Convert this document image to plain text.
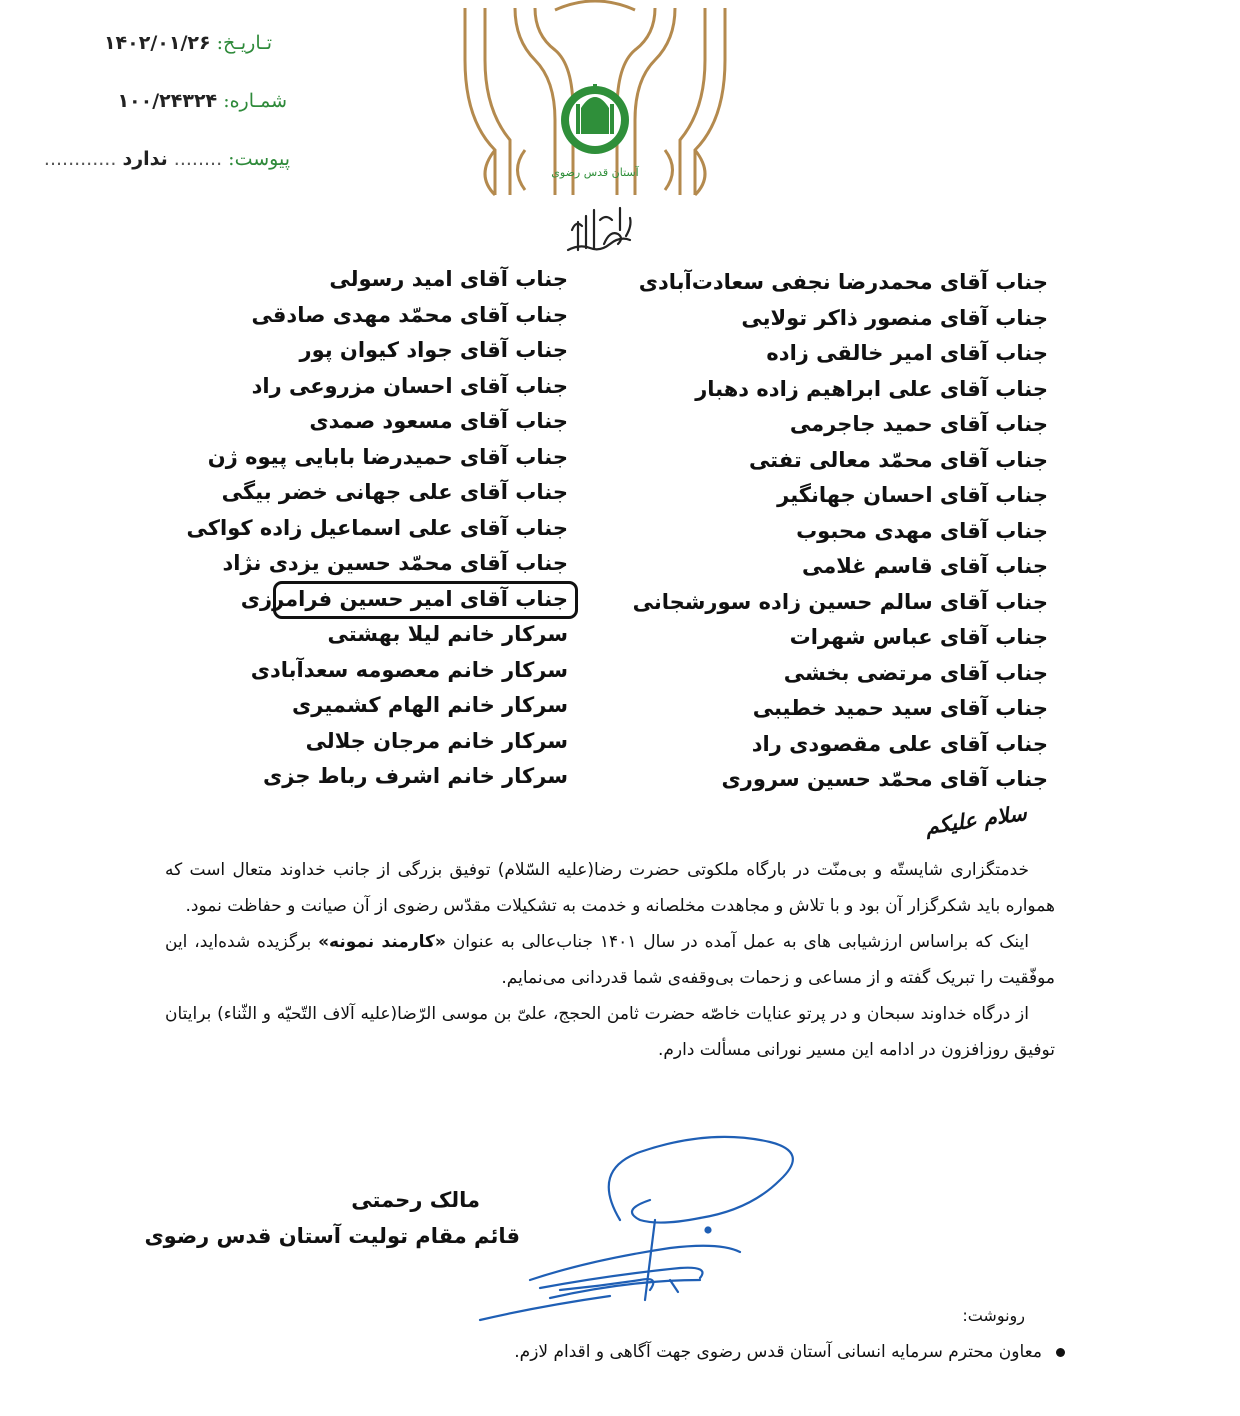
تـاریـخ: ۱۴۰۲/۰۱/۲۶
شمـاره: ۱۰۰/۲۴۳۲۴
پیوست: ........ ندارد ............
آستان قدس رضوی
جناب آقای محمدرضا نجفی سعادت‌آبادی
جناب آقای منصور ذاکر تولایی
جناب آقای امیر خالقی زاده
جناب آقای علی ابراهیم زاده دهبار
جناب آقای حمید جاجرمی
جناب آقای محمّد معالی تفتی
جناب آقای احسان جهانگیر
جناب آقای مهدی محبوب
جناب آقای قاسم غلامی
جناب آقای سالم حسین زاده سورشجانی
جناب آقای عباس شهرات
جناب آقای مرتضی بخشی
جناب آقای سید حمید خطیبی
جناب آقای علی مقصودی راد
جناب آقای محمّد حسین سروری
جناب آقای امید رسولی
جناب آقای محمّد مهدی صادقی
جناب آقای جواد کیوان پور
جناب آقای احسان مزروعی راد
جناب آقای مسعود صمدی
جناب آقای حمیدرضا بابایی پیوه ژن
جناب آقای علی جهانی خضر بیگی
جناب آقای علی اسماعیل زاده کواکی
جناب آقای محمّد حسین یزدی نژاد
جناب آقای امیر حسین فرامرزی
سرکار خانم لیلا بهشتی
سرکار خانم معصومه سعدآبادی
سرکار خانم الهام کشمیری
سرکار خانم مرجان جلالی
سرکار خانم اشرف رباط جزی
سلام علیکم

خدمتگزاری شایستّه و بی‌منّت در بارگاه ملکوتی حضرت رضا(علیه السّلام) توفیق بزرگی از جانب خداوند متعال است که همواره باید شکرگزار آن بود و با تلاش و مجاهدت مخلصانه و خدمت به تشکیلات مقدّس رضوی از آن صیانت و حفاظت نمود.

اینک که براساس ارزشیابی های به عمل آمده در سال ۱۴۰۱ جناب‌عالی به عنوان «کارمند نمونه» برگزیده شده‌اید، این موفّقیت را تبریک گفته و از مساعی و زحمات بی‌وقفه‌ی شما قدردانی می‌نمایم.

از درگاه خداوند سبحان و در پرتو عنایات خاصّه حضرت ثامن الحجج، علیّ بن موسی الرّضا(علیه آلاف التّحیّه و الثّناء) برایتان توفیق روزافزون در ادامه این مسیر نورانی مسألت دارم.

مالک رحمتی
قائم مقام تولیت آستان قدس رضوی
رونوشت:
معاون محترم سرمایه انسانی آستان قدس رضوی جهت آگاهی و اقدام لازم.
